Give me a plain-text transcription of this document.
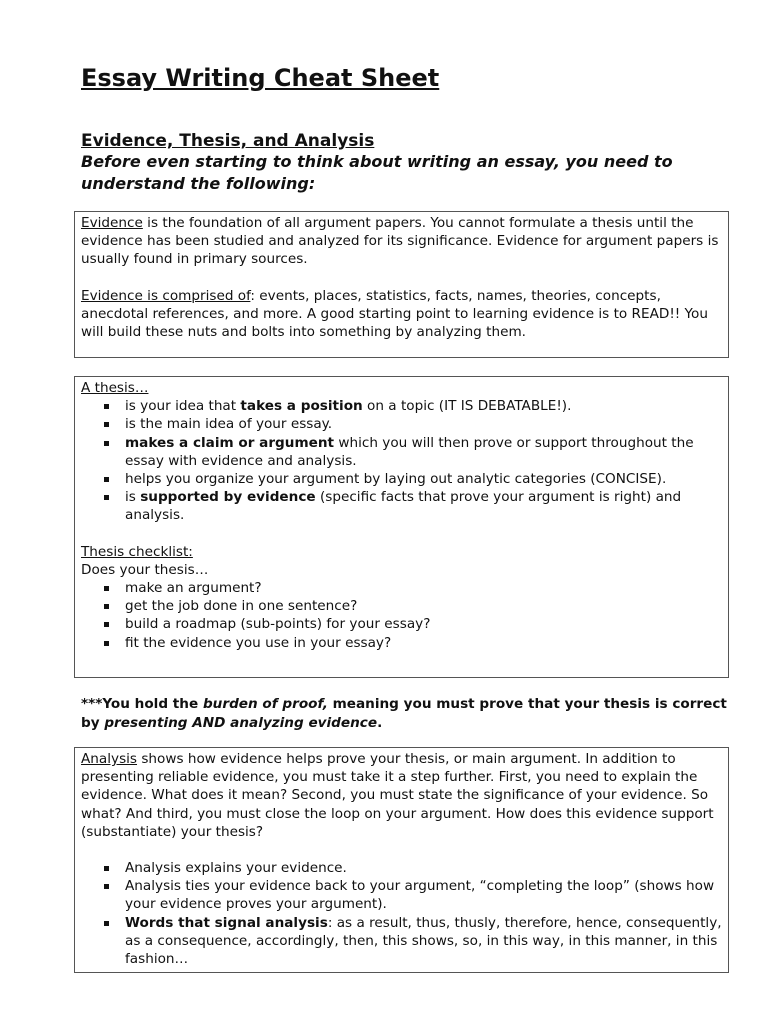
Essay Writing Cheat Sheet
Evidence, Thesis, and Analysis

Before even starting to think about writing an essay, you need to understand the following:

Evidence is the foundation of all argument papers. You cannot formulate a thesis until the evidence has been studied and analyzed for its significance. Evidence for argument papers is usually found in primary sources.

Evidence is comprised of: events, places, statistics, facts, names, theories, concepts, anecdotal references, and more. A good starting point to learning evidence is to READ!! You will build these nuts and bolts into something by analyzing them.

A thesis…

is your idea that takes a position on a topic (IT IS DEBATABLE!).
is the main idea of your essay.
makes a claim or argument which you will then prove or support throughout the essay with evidence and analysis.
helps you organize your argument by laying out analytic categories (CONCISE).
is supported by evidence (specific facts that prove your argument is right) and analysis.

Thesis checklist:

Does your thesis…

make an argument?
get the job done in one sentence?
build a roadmap (sub-points) for your essay?
fit the evidence you use in your essay?

***You hold the burden of proof, meaning you must prove that your thesis is correct by presenting AND analyzing evidence.

Analysis shows how evidence helps prove your thesis, or main argument. In addition to presenting reliable evidence, you must take it a step further. First, you need to explain the evidence. What does it mean? Second, you must state the significance of your evidence. So what? And third, you must close the loop on your argument. How does this evidence support (substantiate) your thesis?

Analysis explains your evidence.
Analysis ties your evidence back to your argument, “completing the loop” (shows how your evidence proves your argument).
Words that signal analysis: as a result, thus, thusly, therefore, hence, consequently, as a consequence, accordingly, then, this shows, so, in this way, in this manner, in this fashion…
